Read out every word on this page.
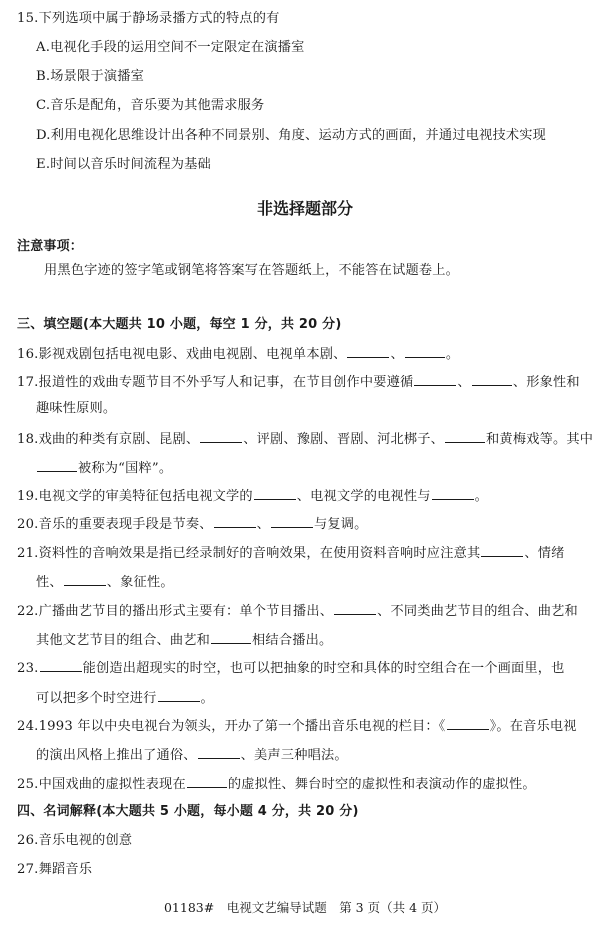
15.下列选项中属于静场录播方式的特点的有
A.电视化手段的运用空间不一定限定在演播室
B.场景限于演播室
C.音乐是配角，音乐要为其他需求服务
D.利用电视化思维设计出各种不同景别、角度、运动方式的画面，并通过电视技术实现
E.时间以音乐时间流程为基础
非选择题部分
注意事项：
用黑色字迹的签字笔或钢笔将答案写在答题纸上，不能答在试题卷上。
三、填空题(本大题共 10 小题，每空 1 分，共 20 分)
16.影视戏剧包括电视电影、戏曲电视剧、电视单本剧、	、	。
17.报道性的戏曲专题节目不外乎写人和记事，在节目创作中要遵循	、	、形象性和
趣味性原则。
18.戏曲的种类有京剧、昆剧、	、评剧、豫剧、晋剧、河北梆子、	和黄梅戏等。其中
被称为“国粹”。
19.电视文学的审美特征包括电视文学的	、电视文学的电视性与	。
20.音乐的重要表现手段是节奏、	、	与复调。
21.资料性的音响效果是指已经录制好的音响效果，在使用资料音响时应注意其	、情绪
性、	、象征性。
22.广播曲艺节目的播出形式主要有：单个节目播出、	、不同类曲艺节目的组合、曲艺和
其他文艺节目的组合、曲艺和	相结合播出。
23.	能创造出超现实的时空，也可以把抽象的时空和具体的时空组合在一个画面里，也
可以把多个时空进行	。
24.1993 年以中央电视台为领头，开办了第一个播出音乐电视的栏目：《	》。在音乐电视
的演出风格上推出了通俗、	、美声三种唱法。
25.中国戏曲的虚拟性表现在	的虚拟性、舞台时空的虚拟性和表演动作的虚拟性。
四、名词解释(本大题共 5 小题，每小题 4 分，共 20 分)
26.音乐电视的创意
27.舞蹈音乐
01183#　电视文艺编导试题　第 3 页（共 4 页）
